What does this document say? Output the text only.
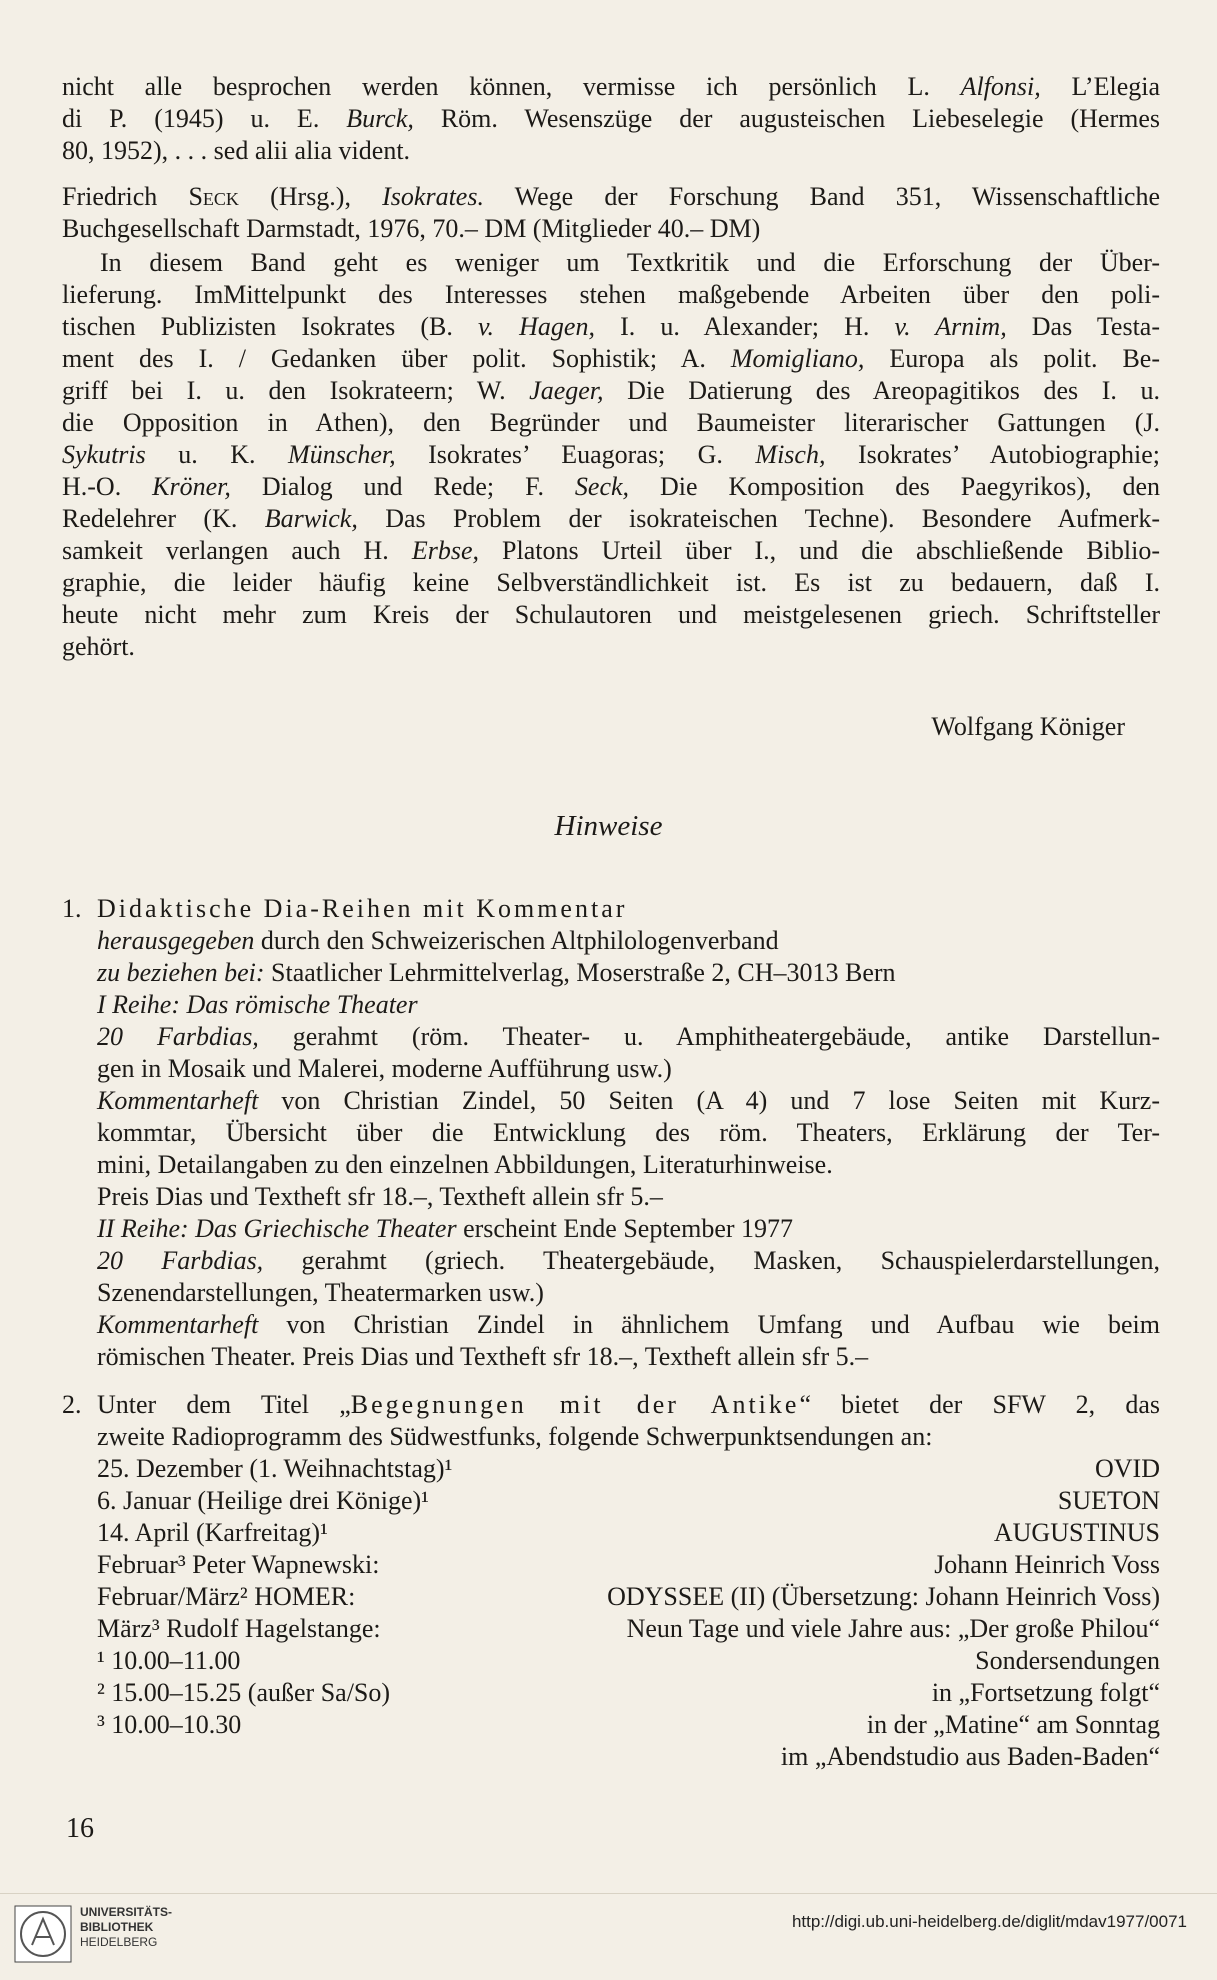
nicht alle besprochen werden können, vermisse ich persönlich L. Alfonsi, L’Elegia
di P. (1945) u. E. Burck, Röm. Wesenszüge der augusteischen Liebeselegie (Hermes
80, 1952), . . . sed alii alia vident.
Friedrich Seck (Hrsg.), Isokrates. Wege der Forschung Band 351, Wissenschaftliche
Buchgesellschaft Darmstadt, 1976, 70.– DM (Mitglieder 40.– DM)
In diesem Band geht es weniger um Textkritik und die Erforschung der Über-
lieferung. ImMittelpunkt des Interesses stehen maßgebende Arbeiten über den poli-
tischen Publizisten Isokrates (B. v. Hagen, I. u. Alexander; H. v. Arnim, Das Testa-
ment des I. / Gedanken über polit. Sophistik; A. Momigliano, Europa als polit. Be-
griff bei I. u. den Isokrateern; W. Jaeger, Die Datierung des Areopagitikos des I. u.
die Opposition in Athen), den Begründer und Baumeister literarischer Gattungen (J.
Sykutris u. K. Münscher, Isokrates’ Euagoras; G. Misch, Isokrates’ Autobiographie;
H.-O. Kröner, Dialog und Rede; F. Seck, Die Komposition des Paegyrikos), den
Redelehrer (K. Barwick, Das Problem der isokrateischen Techne). Besondere Aufmerk-
samkeit verlangen auch H. Erbse, Platons Urteil über I., und die abschließende Biblio-
graphie, die leider häufig keine Selbverständlichkeit ist. Es ist zu bedauern, daß I.
heute nicht mehr zum Kreis der Schulautoren und meistgelesenen griech. Schriftsteller
gehört.
Wolfgang Königer
Hinweise
1. Didaktische Dia-Reihen mit Kommentar
herausgegeben durch den Schweizerischen Altphilologenverband
zu beziehen bei: Staatlicher Lehrmittelverlag, Moserstraße 2, CH–3013 Bern
I Reihe: Das römische Theater
20 Farbdias, gerahmt (röm. Theater- u. Amphitheatergebäude, antike Darstellun-
gen in Mosaik und Malerei, moderne Aufführung usw.)
Kommentarheft von Christian Zindel, 50 Seiten (A 4) und 7 lose Seiten mit Kurz-
kommtar, Übersicht über die Entwicklung des röm. Theaters, Erklärung der Ter-
mini, Detailangaben zu den einzelnen Abbildungen, Literaturhinweise.
Preis Dias und Textheft sfr 18.–, Textheft allein sfr 5.–
II Reihe: Das Griechische Theater erscheint Ende September 1977
20 Farbdias, gerahmt (griech. Theatergebäude, Masken, Schauspielerdarstellungen,
Szenendarstellungen, Theatermarken usw.)
Kommentarheft von Christian Zindel in ähnlichem Umfang und Aufbau wie beim
römischen Theater. Preis Dias und Textheft sfr 18.–, Textheft allein sfr 5.–
2. Unter dem Titel „Begegnungen mit der Antike“ bietet der SFW 2, das
zweite Radioprogramm des Südwestfunks, folgende Schwerpunktsendungen an:
25. Dezember (1. Weihnachtstag)¹	OVID
6. Januar (Heilige drei Könige)¹	SUETON
14. April (Karfreitag)¹	AUGUSTINUS
Februar³ Peter Wapnewski:	Johann Heinrich Voss
Februar/März² HOMER:	ODYSSEE (II) (Übersetzung: Johann Heinrich Voss)
März³ Rudolf Hagelstange:	Neun Tage und viele Jahre aus: „Der große Philou“
¹ 10.00–11.00	Sondersendungen
² 15.00–15.25 (außer Sa/So)	in „Fortsetzung folgt“
³ 10.00–10.30	in der „Matine“ am Sonntag
im „Abendstudio aus Baden-Baden“
16
UNIVERSITÄTS-
BIBLIOTHEK
HEIDELBERG
http://digi.ub.uni-heidelberg.de/diglit/mdav1977/0071
